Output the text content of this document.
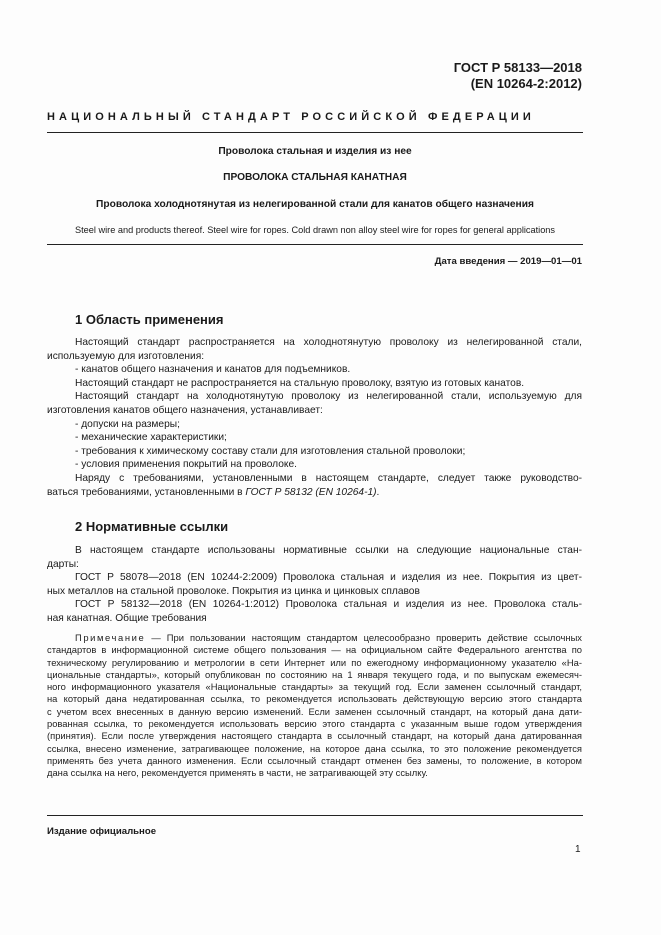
ГОСТ Р 58133—2018
(EN 10264-2:2012)
НАЦИОНАЛЬНЫЙ СТАНДАРТ РОССИЙСКОЙ ФЕДЕРАЦИИ
Проволока стальная и изделия из нее
ПРОВОЛОКА СТАЛЬНАЯ КАНАТНАЯ
Проволока холоднотянутая из нелегированной стали для канатов общего назначения
Steel wire and products thereof. Steel wire for ropes. Cold drawn non alloy steel wire for ropes for general applications
Дата введения — 2019—01—01
1 Область применения

Настоящий стандарт распространяется на холоднотянутую проволоку из нелегированной стали,

используемую для изготовления:

- канатов общего назначения и канатов для подъемников.

Настоящий стандарт не распространяется на стальную проволоку, взятую из готовых канатов.

Настоящий стандарт на холоднотянутую проволоку из нелегированной стали, используемую для

изготовления канатов общего назначения, устанавливает:

- допуски на размеры;

- механические характеристики;

- требования к химическому составу стали для изготовления стальной проволоки;

- условия применения покрытий на проволоке.

Наряду с требованиями, установленными в настоящем стандарте, следует также руководство-

ваться требованиями, установленными в ГОСТ Р 58132 (EN 10264-1).

2 Нормативные ссылки

В настоящем стандарте использованы нормативные ссылки на следующие национальные стан-

дарты:

ГОСТ Р 58078—2018 (EN 10244-2:2009) Проволока стальная и изделия из нее. Покрытия из цвет-

ных металлов на стальной проволоке. Покрытия из цинка и цинковых сплавов

ГОСТ Р 58132—2018 (EN 10264-1:2012) Проволока стальная и изделия из нее. Проволока сталь-

ная канатная. Общие требования

Примечание — При пользовании настоящим стандартом целесообразно проверить действие ссылочных

стандартов в информационной системе общего пользования — на официальном сайте Федерального агентства по

техническому регулированию и метрологии в сети Интернет или по ежегодному информационному указателю «На-

циональные стандарты», который опубликован по состоянию на 1 января текущего года, и по выпускам ежемесяч-

ного информационного указателя «Национальные стандарты» за текущий год. Если заменен ссылочный стандарт,

на который дана недатированная ссылка, то рекомендуется использовать действующую версию этого стандарта

с учетом всех внесенных в данную версию изменений. Если заменен ссылочный стандарт, на который дана дати-

рованная ссылка, то рекомендуется использовать версию этого стандарта с указанным выше годом утверждения

(принятия). Если после утверждения настоящего стандарта в ссылочный стандарт, на который дана датированная

ссылка, внесено изменение, затрагивающее положение, на которое дана ссылка, то это положение рекомендуется

применять без учета данного изменения. Если ссылочный стандарт отменен без замены, то положение, в котором

дана ссылка на него, рекомендуется применять в части, не затрагивающей эту ссылку.

Издание официальное
1
